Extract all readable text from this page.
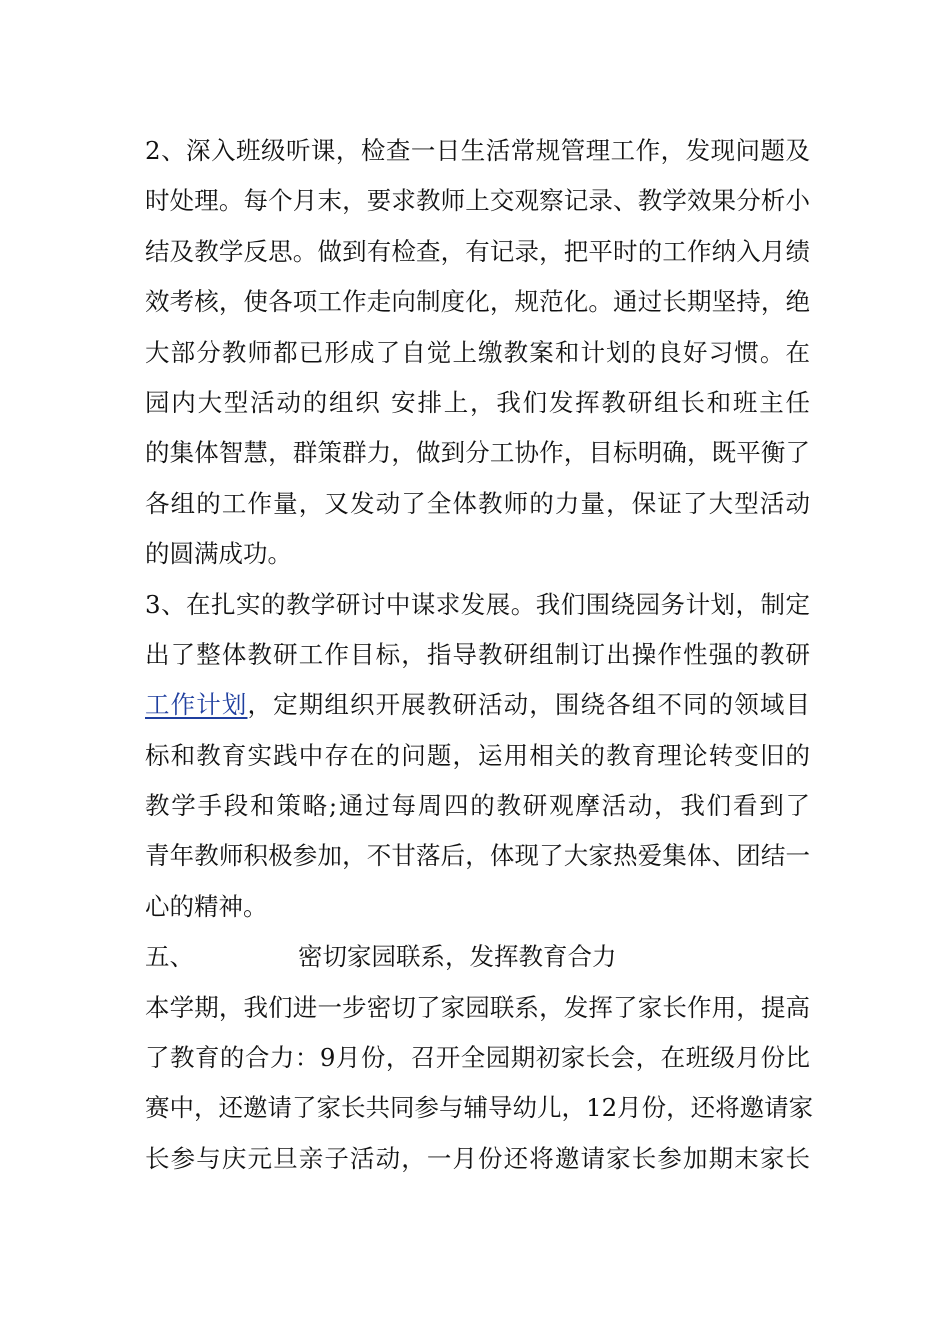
2、深入班级听课，检查一日生活常规管理工作，发现问题及
时处理。每个月末，要求教师上交观察记录、教学效果分析小
结及教学反思。做到有检查，有记录，把平时的工作纳入月绩
效考核，使各项工作走向制度化，规范化。通过长期坚持，绝
大部分教师都已形成了自觉上缴教案和计划的良好习惯。在
园内大型活动的组织 安排上，我们发挥教研组长和班主任
的集体智慧，群策群力，做到分工协作，目标明确，既平衡了
各组的工作量，又发动了全体教师的力量，保证了大型活动
的圆满成功。
3、在扎实的教学研讨中谋求发展。我们围绕园务计划，制定
出了整体教研工作目标，指导教研组制订出操作性强的教研
工作计划，定期组织开展教研活动，围绕各组不同的领域目
标和教育实践中存在的问题，运用相关的教育理论转变旧的
教学手段和策略;通过每周四的教研观摩活动，我们看到了
青年教师积极参加，不甘落后，体现了大家热爱集体、团结一
心的精神。
五、	密切家园联系，发挥教育合力
本学期，我们进一步密切了家园联系，发挥了家长作用，提高
了教育的合力：9月份，召开全园期初家长会，在班级月份比
赛中，还邀请了家长共同参与辅导幼儿，12月份，还将邀请家
长参与庆元旦亲子活动，一月份还将邀请家长参加期末家长
